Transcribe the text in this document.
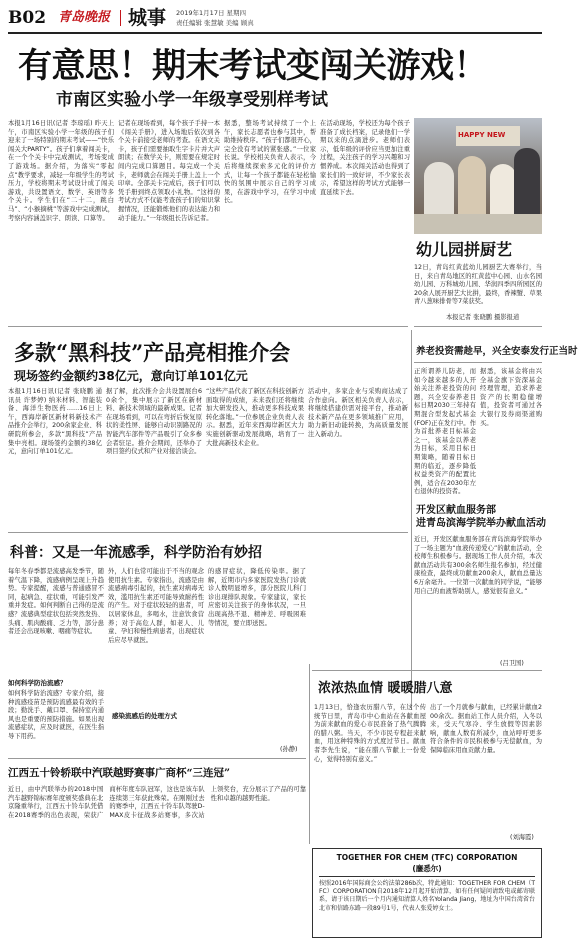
B02 青岛晚报 城事 2019年1月17日 星期四
责任编辑 张慧敏 美编 顾真
有意思！期末考试变闯关游戏！
市南区实验小学一年级享受别样考试

本报1月16日讯(记者 李琼瑶) 昨天上午，市南区实验小学一年级的孩子们迎来了一场特别的期末考试——“快乐闯关大PARTY”。孩子们拿着闯关卡，在一个个关卡中完成测试，考场变成了游戏场。据介绍，为落实“零起点”教学要求，减轻一年级学生的考试压力，学校将期末考试设计成了闯关游戏，共设置语文、数学、英语等多个关卡。学生们在“二十二，跳白马”、“小猴摘桃”等游戏中完成测试，考察内容涵盖识字、朗读、口算等。

记者在现场看到，每个孩子手持一本《闯关手册》，进入场地后依次到各个关卡前接受老师的考查。在语文关卡，孩子们需要抽取生字卡片并大声朗读；在数学关卡，则需要在规定时间内完成口算题目。每完成一个关卡，老师就会在闯关手册上盖上一个印章。全部关卡完成后，孩子们可以凭手册到终点领取小礼物。“这样的考试方式不仅能考查孩子们的知识掌握情况，还能锻炼他们的表达能力和动手能力。”一年级组长告诉记者。

据悉，整场考试持续了一个上午，家长志愿者也参与其中，帮助维持秩序。“孩子们都很开心，完全没有考试的紧张感。”一位家长说。学校相关负责人表示，今后将继续探索多元化的评价方式，让每一个孩子都能在轻松愉快的氛围中展示自己的学习成果，在游戏中学习，在学习中成长。

在活动现场，学校还为每个孩子准备了成长档案，记录他们一学期以来的点滴进步。老师们表示，低年级的评价应当更加注重过程，关注孩子的学习兴趣和习惯养成。本次闯关活动也得到了家长们的一致好评，不少家长表示，希望这样的考试方式能够一直延续下去。

HAPPY NEW
幼儿园拼厨艺

12日，青岛红黄蓝幼儿园厨艺大赛举行，当日，来自青岛地区的红黄蓝中心园、山水名园幼儿园、万科城幼儿园、华润四季四所园区的20余人展开厨艺大比拼，最终，香辣蟹、草果青八葱味排骨等7菜获奖。

本报记者 张晓鹏 摄影报道
多款“黑科技”产品亮相推介会
现场签约金额约38亿元，意向订单101亿元

本报1月16日讯(记者 张晓鹏 通讯员 许梦婷) 纳米材料、智能装备、海洋生物医药……16日上午，西海岸新区新材料新技术产品推介会举行，200余家企业、科研院所参会，多款“黑科技”产品集中亮相。现场签约金额约38亿元，意向订单101亿元。

据了解，此次推介会共设置展台60余个，集中展示了新区在新材料、新技术领域的最新成果。记者在现场看到，可以在弯折后恢复原状的柔性屏、能够自动识别路况的智能汽车部件等产品吸引了众多参会者驻足。推介会期间，还举办了项目签约仪式和产业对接洽谈会。

“这些产品代表了新区在科技创新方面取得的成绩，未来我们还将继续加大研发投入，推动更多科技成果转化落地。”一位参展企业负责人表示。据悉，近年来西海岸新区大力实施创新驱动发展战略，培育了一大批高新技术企业。

活动中，多家企业与采购商达成了合作意向。新区相关负责人表示，将继续搭建供需对接平台，推动新技术新产品在更多领域推广应用，助力新旧动能转换，为高质量发展注入新动力。

养老投资需趁早，兴全安泰发行正当时

正所谓养儿防老，而如今越来越多的人开始关注养老投资的问题，兴全安泰养老目标日期2030三年持有期混合型发起式基金(FOF)正在发行中。作为首批养老目标基金之一，该基金以养老为目标，采用目标日期策略，随着目标日期的临近，逐步降低权益类资产的配置比例，适合在2030年左右退休的投资者。

据悉，该基金将由兴全基金旗下资深基金经理管理，追求养老资产的长期稳健增值，投资者可通过各大银行及券商渠道购买。

开发区献血服务部
进青岛滨海学院举办献血活动

近日，开发区献血服务部在青岛滨海学院举办了一场主题为“血液传递爱心”的献血活动，全校师生积极参与。据现场工作人员介绍，本次献血活动共有300余名师生报名参加，经过健康检查，最终成功献血200余人，献血总量达6万余毫升。一位第一次献血的同学说，“能够用自己的血液帮助别人，感觉很有意义。”

(吕卫国)
科普：又是一年流感季，科学防治有妙招

每年冬春季都是流感高发季节，随着气温下降，流感病例呈现上升趋势。专家提醒，流感与普通感冒不同，起病急、症状重，可能引发严重并发症。如何判断自己得的是流感？流感典型症状包括突然发热、头痛、肌肉酸痛、乏力等，部分患者还会出现咳嗽、咽痛等症状。

如何科学防治流感？

如何科学防治流感？专家介绍，接种流感疫苗是预防流感最有效的手段；勤洗手、戴口罩、保持室内通风也是重要的预防措施。如果出现流感症状，应及时就医，在医生指导下用药。

外，人们也常可能出于不当的观念使用抗生素。专家指出，流感是由流感病毒引起的，抗生素对病毒无效，滥用抗生素还可能导致耐药性的产生。对于症状较轻的患者，可以居家休息，多喝水，注意饮食营养；对于高危人群，如老人、儿童、孕妇和慢性病患者，出现症状后应尽早就医。

感染流感后的处理方式

的感冒症状，降低传染率。据了解，近期市内多家医院发热门诊就诊人数明显增多，部分医院儿科门诊出现排队现象。专家建议，家长应密切关注孩子的身体状况，一旦出现高热不退、精神差、呼吸困难等情况，要立即送医。

(孙静)
浓浓热血情 暖暖腊八意

1月13日，恰逢农历腊八节，在这个传统节日里，青岛市中心血站在各献血屋为前来献血的爱心市民准备了热气腾腾的腊八粥。当天，不少市民专程赶来献血，用这种特殊的方式度过节日。献血者李先生说，“能在腊八节献上一份爱心，觉得特别有意义。”

出了一个月就参与献血，已经累计献血200余次。据血站工作人员介绍，入冬以来，受天气寒冷、学生放假等因素影响，献血人数有所减少，血站呼吁更多符合条件的市民积极参与无偿献血，为保障临床用血贡献力量。

(刘海霞)
江西五十铃轿联中汽联越野赛事广商杯“三连冠”

近日，由中汽联举办的2018中国汽车越野锦标赛年度颁奖盛典在北京隆重举行，江西五十铃车队凭借在2018赛季的出色表现，荣获广商杯年度车队冠军，这也是该车队连续第三年获此殊荣。在刚刚过去的赛季中，江西五十铃车队驾驶D-MAX皮卡征战多站赛事，多次站上领奖台，充分展示了产品的可靠性和卓越的越野性能。

TOGETHER FOR CHEM (TFC) CORPORATION
(鏖悉尔)

按照2016年国际商会公约法第286b次，特此通知：TOGETHER FOR CHEM（TFC）CORPORATION自2018年12月起开始清算，如有任何疑问请致电或邮寄联系，请于该日期后一个月内通知清算人姓名Yolanda Jiang，地址为中国台湾省台北市和信路东路一段89号1号，代表人张爱婷女士。
